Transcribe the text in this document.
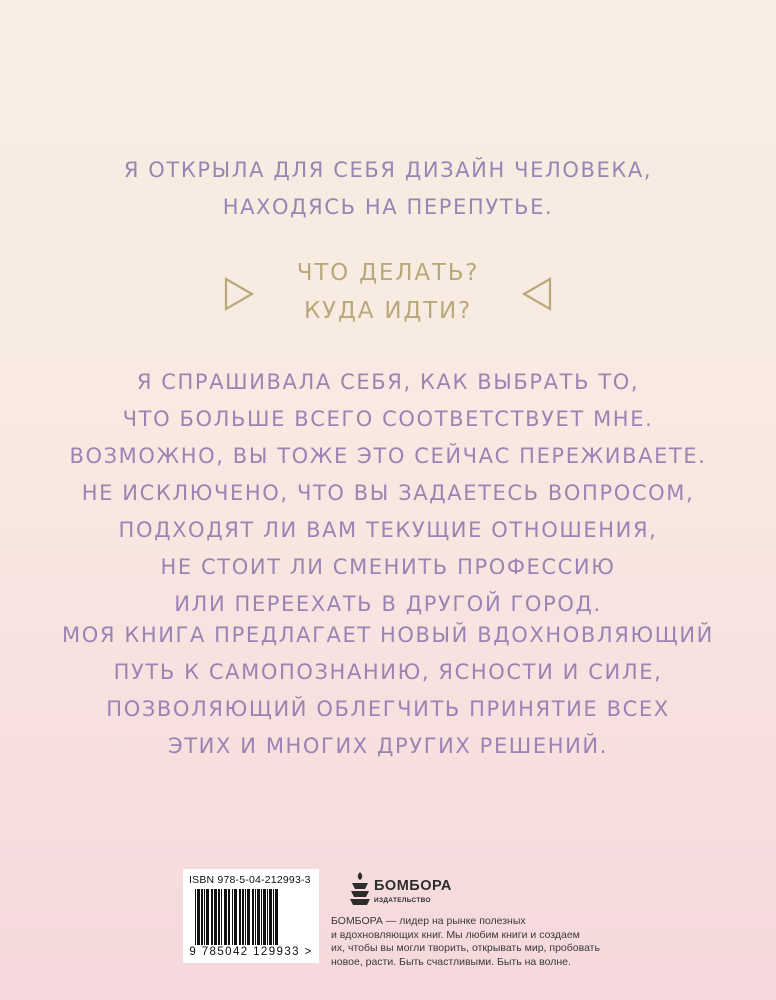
Я ОТКРЫЛА ДЛЯ СЕБЯ ДИЗАЙН ЧЕЛОВЕКА,
НАХОДЯСЬ НА ПЕРЕПУТЬЕ.
ЧТО ДЕЛАТЬ?
КУДА ИДТИ?
Я СПРАШИВАЛА СЕБЯ, КАК ВЫБРАТЬ ТО,
ЧТО БОЛЬШЕ ВСЕГО СООТВЕТСТВУЕТ МНЕ.
ВОЗМОЖНО, ВЫ ТОЖЕ ЭТО СЕЙЧАС ПЕРЕЖИВАЕТЕ.
НЕ ИСКЛЮЧЕНО, ЧТО ВЫ ЗАДАЕТЕСЬ ВОПРОСОМ,
ПОДХОДЯТ ЛИ ВАМ ТЕКУЩИЕ ОТНОШЕНИЯ,
НЕ СТОИТ ЛИ СМЕНИТЬ ПРОФЕССИЮ
ИЛИ ПЕРЕЕХАТЬ В ДРУГОЙ ГОРОД.
МОЯ КНИГА ПРЕДЛАГАЕТ НОВЫЙ ВДОХНОВЛЯЮЩИЙ
ПУТЬ К САМОПОЗНАНИЮ, ЯСНОСТИ И СИЛЕ,
ПОЗВОЛЯЮЩИЙ ОБЛЕГЧИТЬ ПРИНЯТИЕ ВСЕХ
ЭТИХ И МНОГИХ ДРУГИХ РЕШЕНИЙ.
ISBN 978-5-04-212993-3
9 785042 129933 >
БОМБОРА
ИЗДАТЕЛЬСТВО
БОМБОРА — лидер на рынке полезных
и вдохновляющих книг. Мы любим книги и создаем
их, чтобы вы могли творить, открывать мир, пробовать
новое, расти. Быть счастливыми. Быть на волне.
